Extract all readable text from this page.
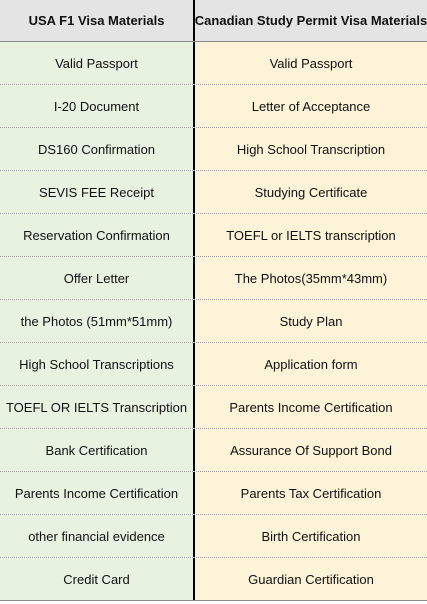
USA F1 Visa Materials	Canadian Study Permit Visa Materials
Valid Passport	Valid Passport
I-20 Document	Letter of Acceptance
DS160 Confirmation	High School Transcription
SEVIS FEE Receipt	Studying Certificate
Reservation Confirmation	TOEFL or IELTS transcription
Offer Letter	The Photos(35mm*43mm)
the Photos (51mm*51mm)	Study Plan
High School Transcriptions	Application form
TOEFL OR IELTS Transcription	Parents Income Certification
Bank Certification	Assurance Of Support Bond
Parents Income Certification	Parents Tax Certification
other financial evidence	Birth Certification
Credit Card	Guardian Certification
